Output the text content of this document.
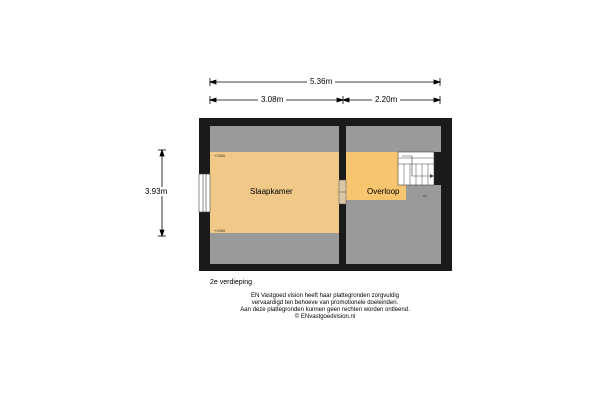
5.36m
3.08m	2.20m
3.93m
+1500
+1500
Slaapkamer	Overloop	cv
2e verdieping
EN Vastgoed vision heeft haar plattegronden zorgvuldig
vervaardigd ten behoeve van promotionele doeleinden.
Aan deze plattegronden kunnen geen rechten worden ontleend.
© ENvastgoedvision.nl
